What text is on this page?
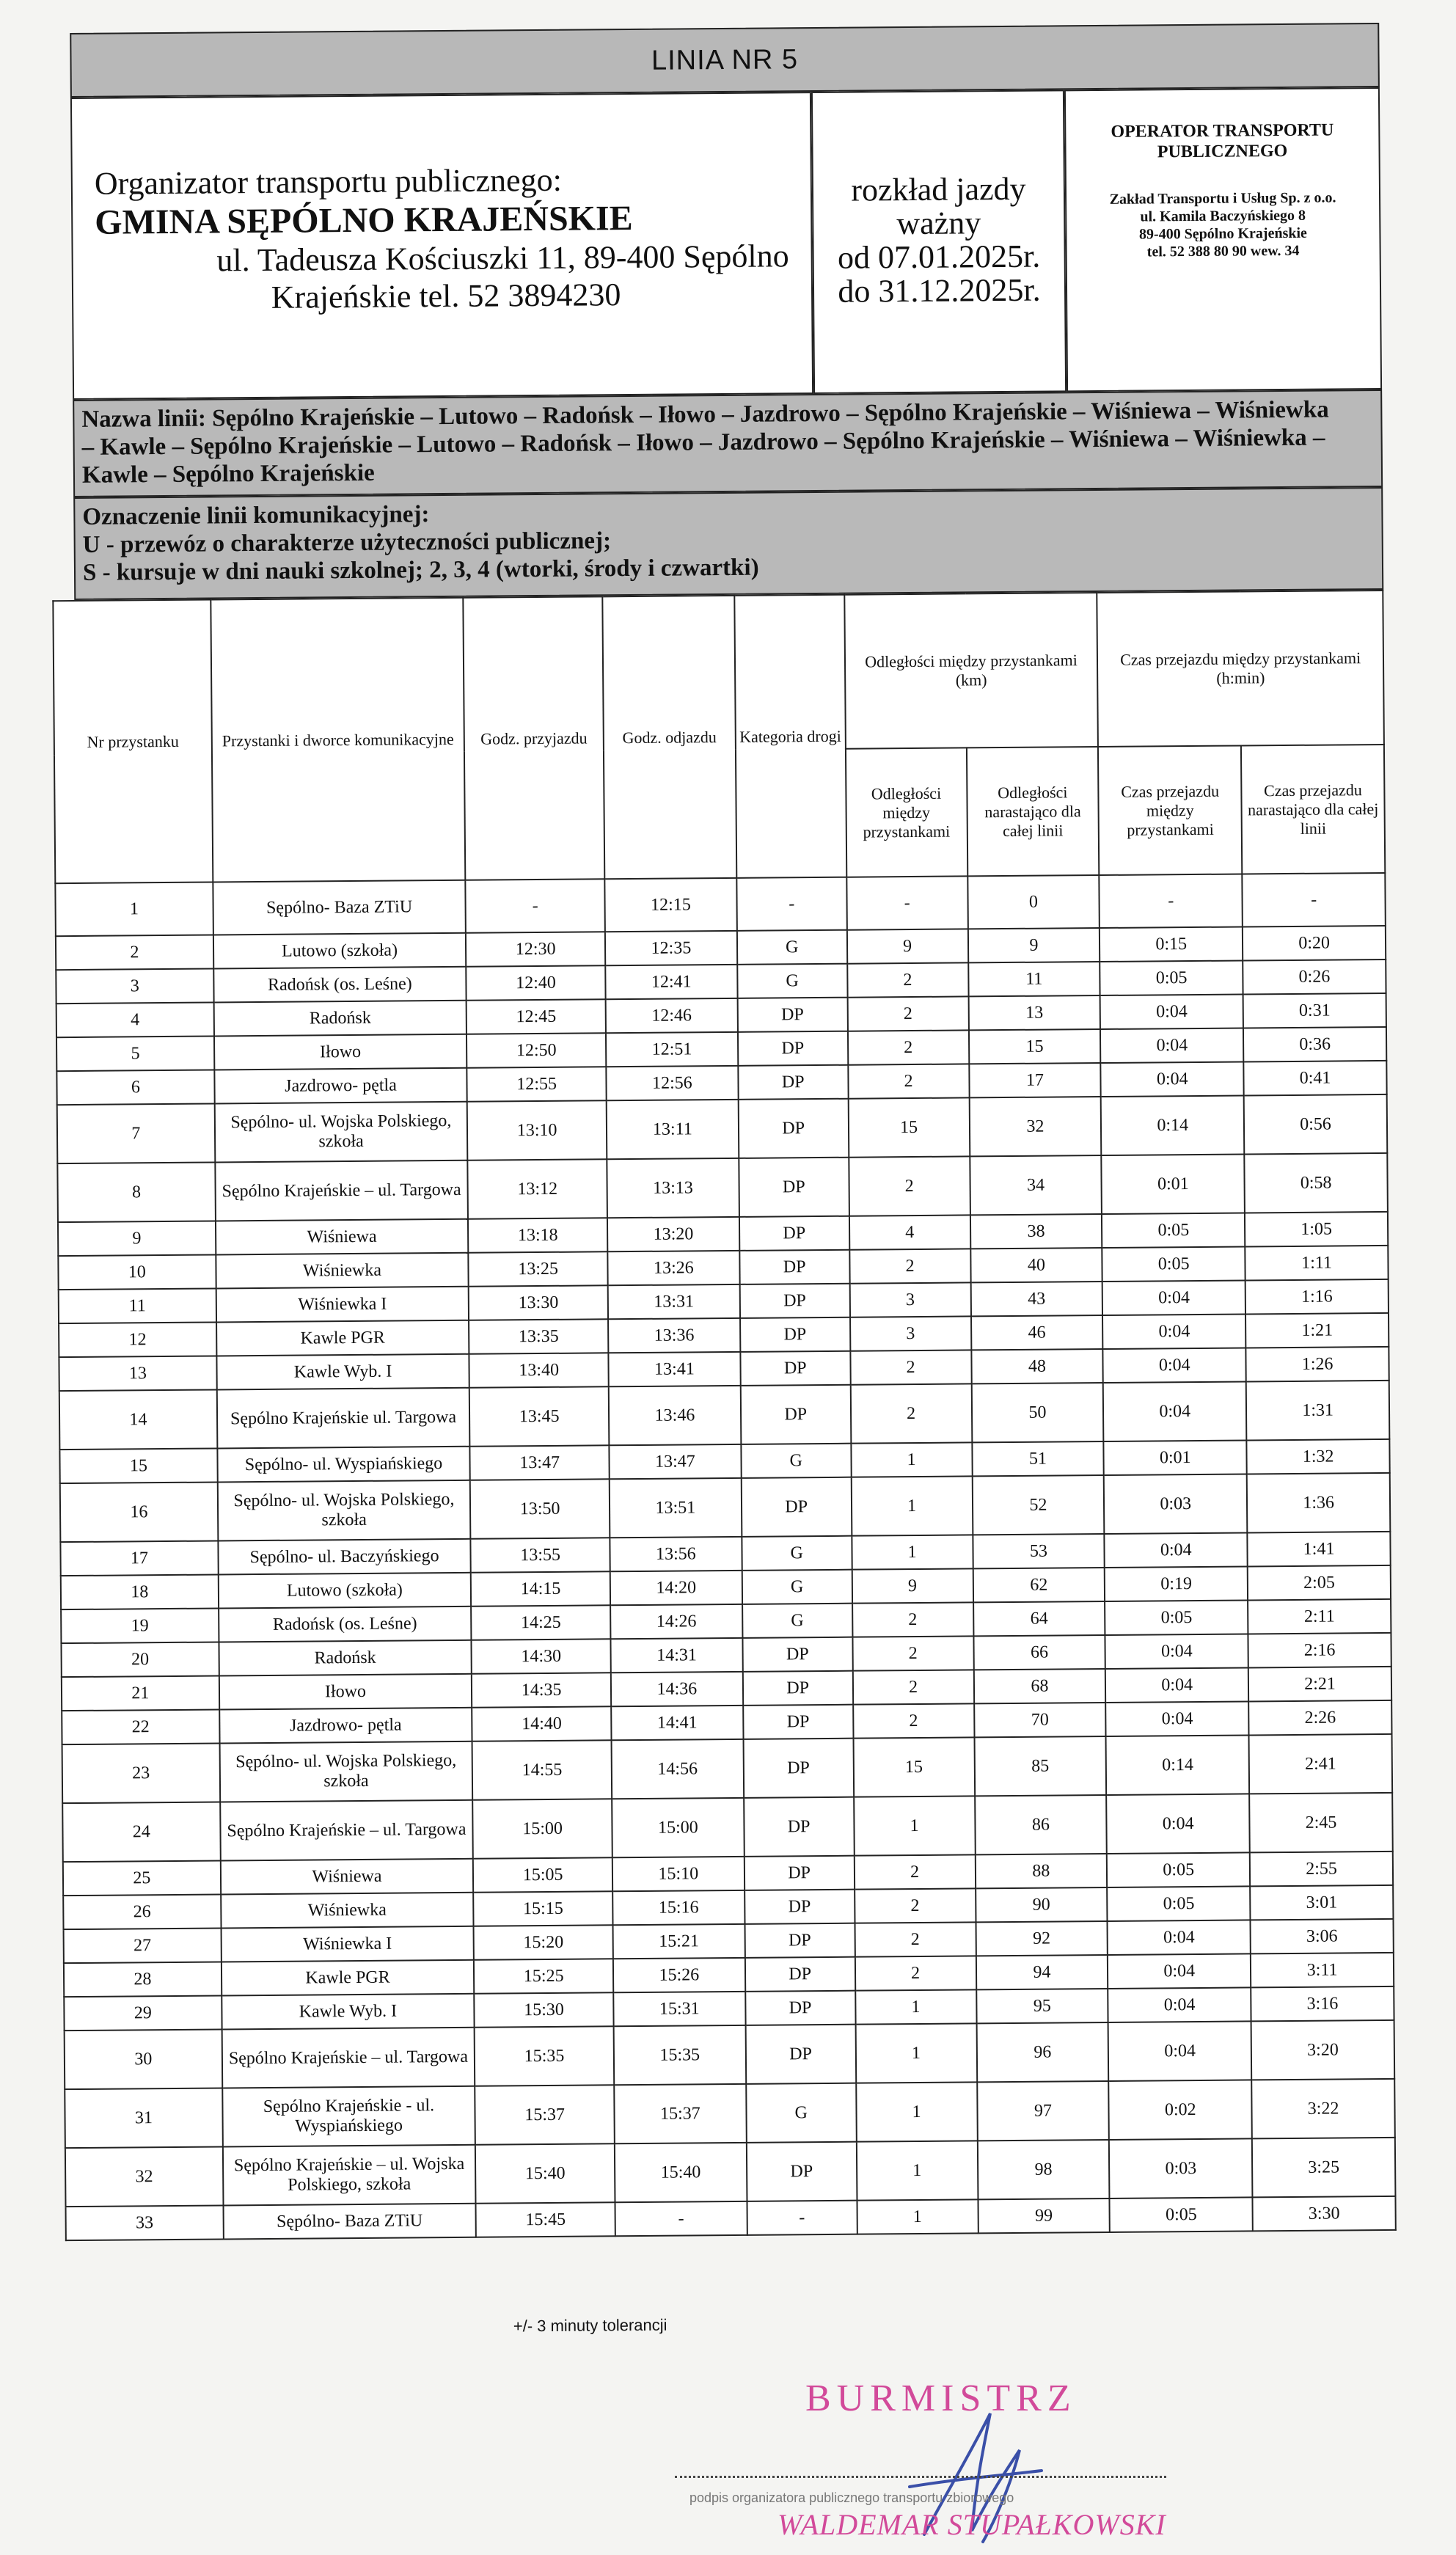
LINIA NR 5
Organizator transportu publicznego:
GMINA SĘPÓLNO KRAJEŃSKIE
ul. Tadeusza Kościuszki 11, 89-400 Sępólno
Krajeńskie tel. 52 3894230
rozkład jazdy
ważny
od 07.01.2025r.
do 31.12.2025r.
OPERATOR TRANSPORTU
PUBLICZNEGO
Zakład Transportu i Usług Sp. z o.o.
ul. Kamila Baczyńskiego 8
89-400 Sępólno Krajeńskie
tel. 52 388 80 90 wew. 34
Nazwa linii: Sępólno Krajeńskie – Lutowo – Radońsk – Iłowo – Jazdrowo – Sępólno Krajeńskie – Wiśniewa – Wiśniewka
– Kawle – Sępólno Krajeńskie – Lutowo – Radońsk – Iłowo – Jazdrowo – Sępólno Krajeńskie – Wiśniewa – Wiśniewka –
Kawle – Sępólno Krajeńskie
Oznaczenie linii komunikacyjnej:
U - przewóz o charakterze użyteczności publicznej;
S - kursuje w dni nauki szkolnej; 2, 3, 4 (wtorki, środy i czwartki)
Nr przystanku	Przystanki i dworce komunikacyjne	Godz. przyjazdu	Godz. odjazdu	Kategoria drogi	Odległości między przystankami (km)		Czas przejazdu między przystankami (h:min)	
					Odległości między przystankami	Odległości narastająco dla całej linii	Czas przejazdu między przystankami	Czas przejazdu narastająco dla całej linii
1	Sępólno- Baza ZTiU	-	12:15	-	-	0	-	-
2	Lutowo (szkoła)	12:30	12:35	G	9	9	0:15	0:20
3	Radońsk (os. Leśne)	12:40	12:41	G	2	11	0:05	0:26
4	Radońsk	12:45	12:46	DP	2	13	0:04	0:31
5	Iłowo	12:50	12:51	DP	2	15	0:04	0:36
6	Jazdrowo- pętla	12:55	12:56	DP	2	17	0:04	0:41
7	Sępólno- ul. Wojska Polskiego, szkoła	13:10	13:11	DP	15	32	0:14	0:56
8	Sępólno Krajeńskie – ul. Targowa	13:12	13:13	DP	2	34	0:01	0:58
9	Wiśniewa	13:18	13:20	DP	4	38	0:05	1:05
10	Wiśniewka	13:25	13:26	DP	2	40	0:05	1:11
11	Wiśniewka I	13:30	13:31	DP	3	43	0:04	1:16
12	Kawle PGR	13:35	13:36	DP	3	46	0:04	1:21
13	Kawle Wyb. I	13:40	13:41	DP	2	48	0:04	1:26
14	Sępólno Krajeńskie ul. Targowa	13:45	13:46	DP	2	50	0:04	1:31
15	Sępólno- ul. Wyspiańskiego	13:47	13:47	G	1	51	0:01	1:32
16	Sępólno- ul. Wojska Polskiego, szkoła	13:50	13:51	DP	1	52	0:03	1:36
17	Sępólno- ul. Baczyńskiego	13:55	13:56	G	1	53	0:04	1:41
18	Lutowo (szkoła)	14:15	14:20	G	9	62	0:19	2:05
19	Radońsk (os. Leśne)	14:25	14:26	G	2	64	0:05	2:11
20	Radońsk	14:30	14:31	DP	2	66	0:04	2:16
21	Iłowo	14:35	14:36	DP	2	68	0:04	2:21
22	Jazdrowo- pętla	14:40	14:41	DP	2	70	0:04	2:26
23	Sępólno- ul. Wojska Polskiego, szkoła	14:55	14:56	DP	15	85	0:14	2:41
24	Sępólno Krajeńskie – ul. Targowa	15:00	15:00	DP	1	86	0:04	2:45
25	Wiśniewa	15:05	15:10	DP	2	88	0:05	2:55
26	Wiśniewka	15:15	15:16	DP	2	90	0:05	3:01
27	Wiśniewka I	15:20	15:21	DP	2	92	0:04	3:06
28	Kawle PGR	15:25	15:26	DP	2	94	0:04	3:11
29	Kawle Wyb. I	15:30	15:31	DP	1	95	0:04	3:16
30	Sępólno Krajeńskie – ul. Targowa	15:35	15:35	DP	1	96	0:04	3:20
31	Sępólno Krajeńskie - ul. Wyspiańskiego	15:37	15:37	G	1	97	0:02	3:22
32	Sępólno Krajeńskie – ul. Wojska Polskiego, szkoła	15:40	15:40	DP	1	98	0:03	3:25
33	Sępólno- Baza ZTiU	15:45	-	-	1	99	0:05	3:30
+/- 3 minuty tolerancji
BURMISTRZ
podpis organizatora publicznego transportu zbiorowego
WALDEMAR STUPAŁKOWSKI
